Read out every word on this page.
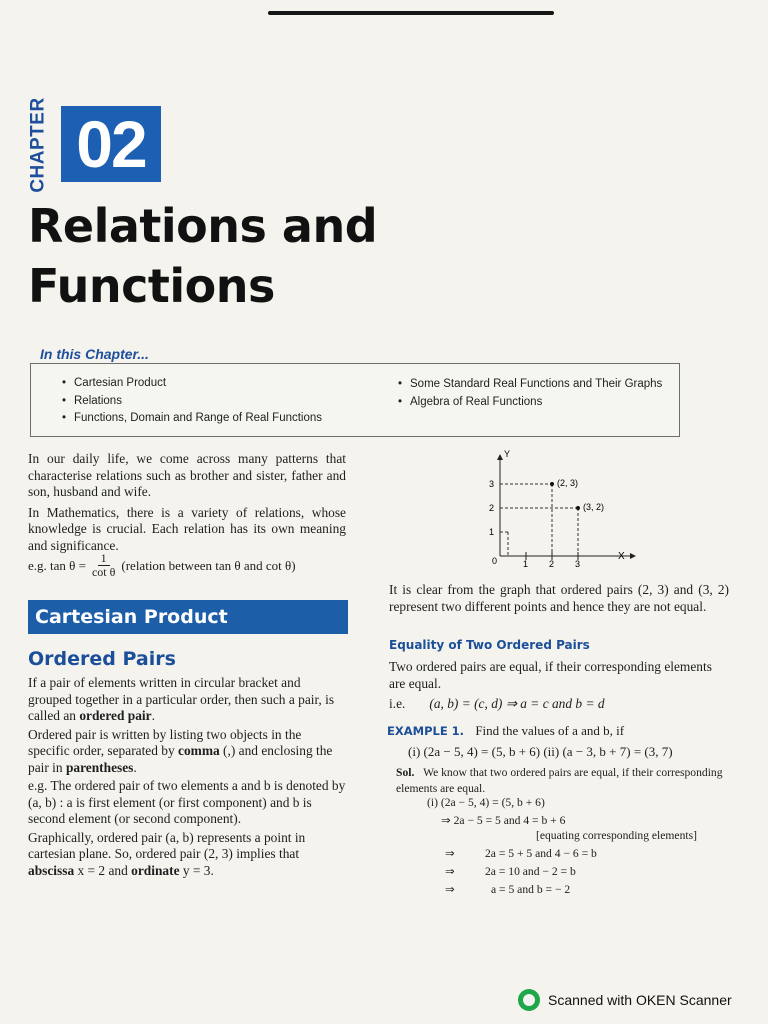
CHAPTER 02
Relations and
Functions
In this Chapter...
• Cartesian Product
• Relations
• Functions, Domain and Range of Real Functions
• Some Standard Real Functions and Their Graphs
• Algebra of Real Functions

In our daily life, we come across many patterns that characterise relations such as brother and sister, father and son, husband and wife.

In Mathematics, there is a variety of relations, whose knowledge is crucial. Each relation has its own meaning and significance.

e.g. $\tan \theta = \frac{1}{\text{cot θ}}$ (relation between tan θ and cot θ)
Cartesian Product
Ordered Pairs

If a pair of elements written in circular bracket and grouped together in a particular order, then such a pair, is called an ordered pair.

Ordered pair is written by listing two objects in the specific order, separated by comma (,) and enclosing the pair in parentheses.

e.g. The ordered pair of two elements a and b is denoted by (a, b) : a is first element (or first component) and b is second element (or second component).

Graphically, ordered pair (a, b) represents a point in cartesian plane. So, ordered pair (2, 3) implies that abscissa x = 2 and ordinate y = 3.

Y
X
0	1 2 3
1
2
3	(2, 3)
(3, 2)
It is clear from the graph that ordered pairs (2, 3) and (3, 2) represent two different points and hence they are not equal.
Equality of Two Ordered Pairs
Two ordered pairs are equal, if their corresponding elements are equal.
i.e. (a, b) = (c, d) ⇒ a = c and b = d
EXAMPLE 1. Find the values of a and b, if
(i) (2a − 5, 4) = (5, b + 6) (ii) (a − 3, b + 7) = (3, 7)
Sol. We know that two ordered pairs are equal, if their corresponding elements are equal.
(i) (2a − 5, 4) = (5, b + 6)
⇒ 2a − 5 = 5 and 4 = b + 6
[equating corresponding elements]
⇒	2a = 5 + 5 and 4 − 6 = b
⇒	2a = 10 and − 2 = b
⇒	a = 5 and b = − 2
Scanned with OKEN Scanner
